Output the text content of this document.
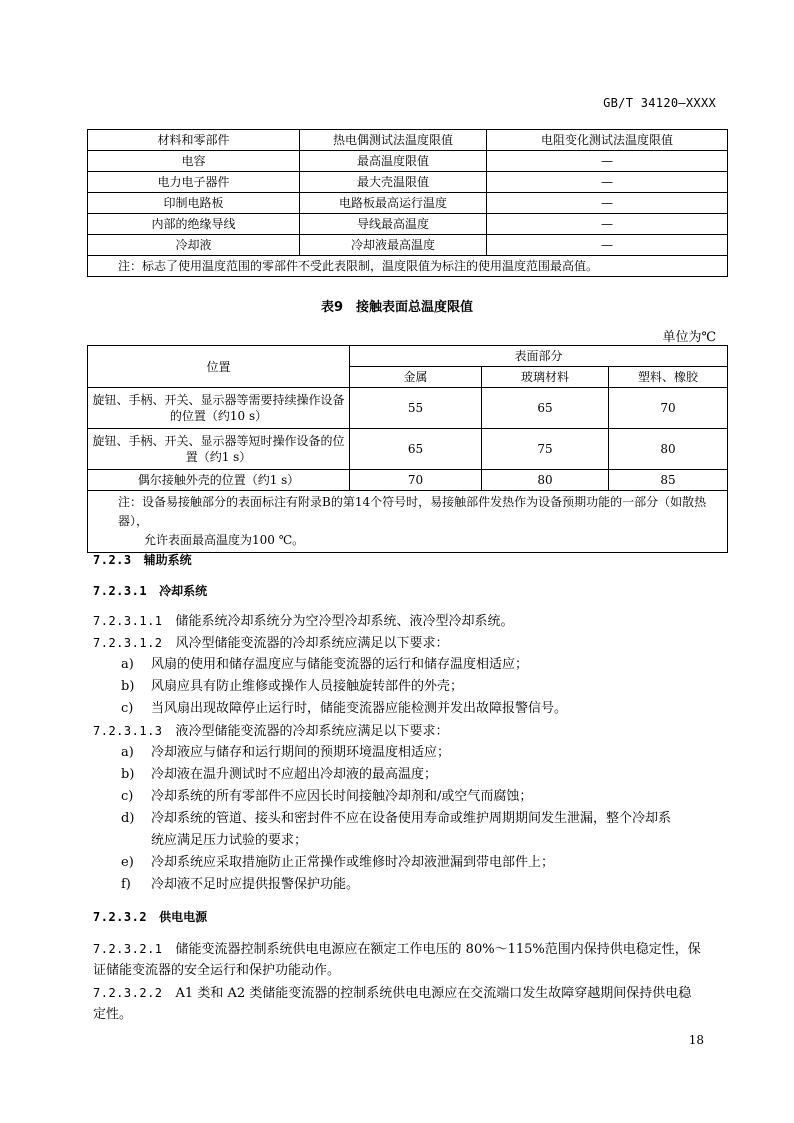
GB/T 34120—XXXX
材料和零部件	热电偶测试法温度限值	电阻变化测试法温度限值
电容	最高温度限值	—
电力电子器件	最大壳温限值	—
印制电路板	电路板最高运行温度	—
内部的绝缘导线	导线最高温度	—
冷却液	冷却液最高温度	—
注：标志了使用温度范围的零部件不受此表限制，温度限值为标注的使用温度范围最高值。		
表9　接触表面总温度限值
单位为℃
位置	表面部分		
	金属	玻璃材料	塑料、橡胶

旋钮、手柄、开关、显示器等需要持续操作设备
的位置（约10 s）	55	65	70

旋钮、手柄、开关、显示器等短时操作设备的位
置（约1 s）	65	75	80
偶尔接触外壳的位置（约1 s）	70	80	85

注：设备易接触部分的表面标注有附录B的第14个符号时，易接触部件发热作为设备预期功能的一部分（如散热器），
允许表面最高温度为100 ℃。			
7.2.3　 辅助系统
7.2.3.1　 冷却系统
7.2.3.1.1　 储能系统冷却系统分为空冷型冷却系统、液冷型冷却系统。
7.2.3.1.2　 风冷型储能变流器的冷却系统应满足以下要求：
a) 风扇的使用和储存温度应与储能变流器的运行和储存温度相适应；
b) 风扇应具有防止维修或操作人员接触旋转部件的外壳；
c) 当风扇出现故障停止运行时，储能变流器应能检测并发出故障报警信号。
7.2.3.1.3　 液冷型储能变流器的冷却系统应满足以下要求：
a) 冷却液应与储存和运行期间的预期环境温度相适应；
b) 冷却液在温升测试时不应超出冷却液的最高温度；
c) 冷却系统的所有零部件不应因长时间接触冷却剂和/或空气而腐蚀；
d) 冷却系统的管道、接头和密封件不应在设备使用寿命或维护周期期间发生泄漏，整个冷却系
统应满足压力试验的要求；
e) 冷却系统应采取措施防止正常操作或维修时冷却液泄漏到带电部件上；
f) 冷却液不足时应提供报警保护功能。
7.2.3.2　 供电电源
7.2.3.2.1　 储能变流器控制系统供电电源应在额定工作电压的 80%～115%范围内保持供电稳定性，保
证储能变流器的安全运行和保护功能动作。
7.2.3.2.2　 A1 类和 A2 类储能变流器的控制系统供电电源应在交流端口发生故障穿越期间保持供电稳
定性。
18
